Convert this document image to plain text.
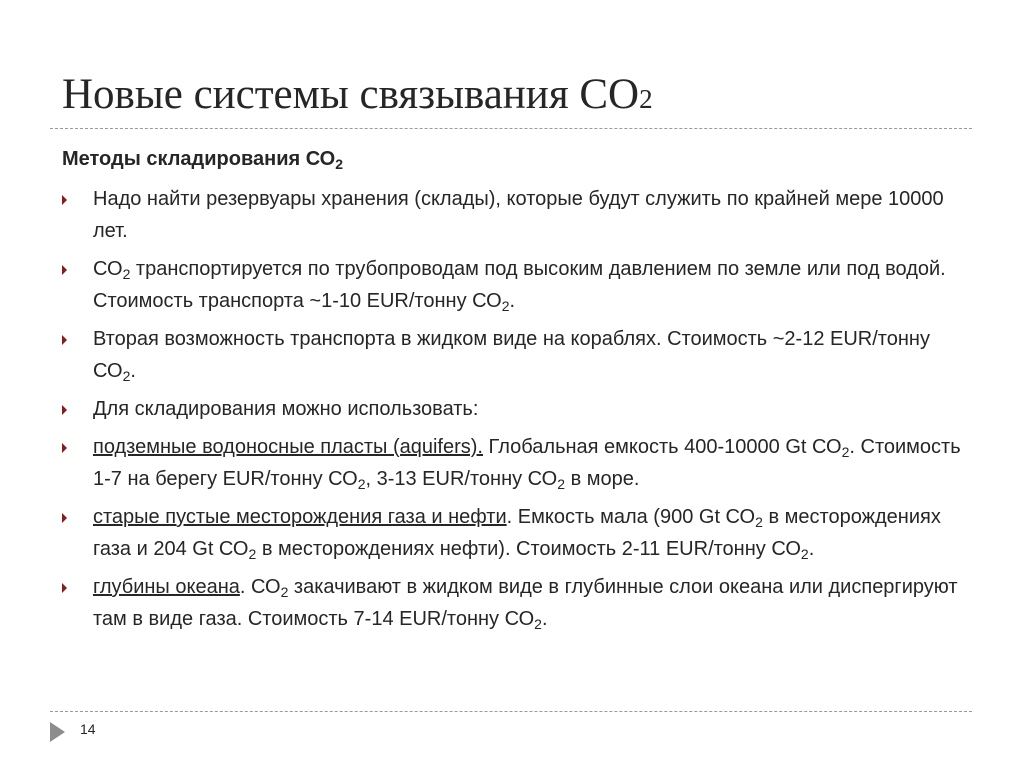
Новые системы связывания СО2
Методы складирования $СО_2$
Надо найти резервуары хранения (склады), которые будут служить по крайней мере 10000 лет.
$СО_2$ транспортируется по трубопроводам под высоким давлением по земле или под водой. Стоимость транспорта ~1-10 EUR/тонну $СО_2$.
Вторая возможность транспорта в жидком виде на кораблях. Стоимость ~2-12 EUR/тонну $СО_2$.
Для складирования можно использовать:
подземные водоносные пласты (aquifers). Глобальная емкость 400-10000 Gt $СО_2$. Стоимость 1-7 на берегу EUR/тонну $СО_2$, 3-13 EUR/тонну $СО_2$ в море.
старые пустые месторождения газа и нефти. Емкость мала (900 Gt $СО_2$ в месторождениях газа и 204 Gt $СО_2$ в месторождениях нефти). Стоимость 2-11 EUR/тонну $СО_2$.
глубины океана. $СО_2$ закачивают в жидком виде в глубинные слои океана или диспергируют там в виде газа. Стоимость 7-14 EUR/тонну $СО_2$.
14
